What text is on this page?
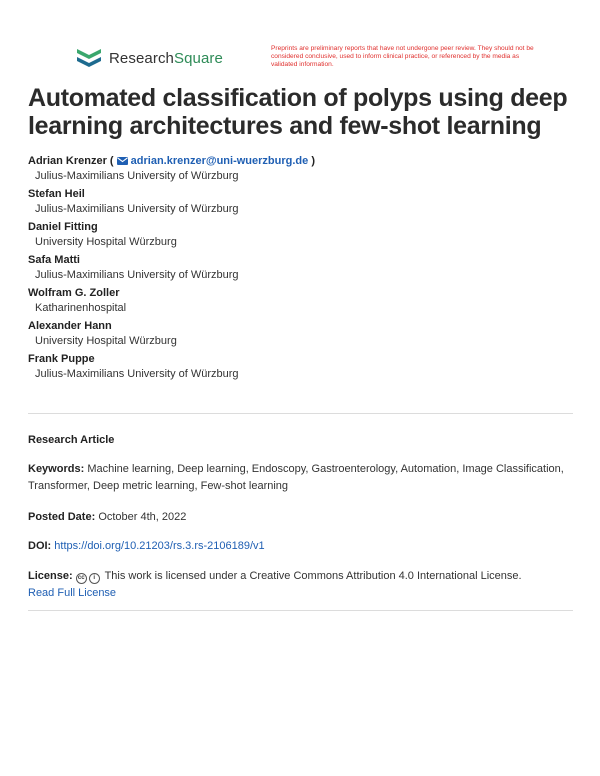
ResearchSquare
Preprints are preliminary reports that have not undergone peer review. They should not be considered conclusive, used to inform clinical practice, or referenced by the media as validated information.
Automated classification of polyps using deep learning architectures and few-shot learning
Adrian Krenzer ( adrian.krenzer@uni-wuerzburg.de )
Julius-Maximilians University of Würzburg
Stefan Heil
Julius-Maximilians University of Würzburg
Daniel Fitting
University Hospital Würzburg
Safa Matti
Julius-Maximilians University of Würzburg
Wolfram G. Zoller
Katharinenhospital
Alexander Hann
University Hospital Würzburg
Frank Puppe
Julius-Maximilians University of Würzburg
Research Article
Keywords: Machine learning, Deep learning, Endoscopy, Gastroenterology, Automation, Image Classification, Transformer, Deep metric learning, Few-shot learning
Posted Date: October 4th, 2022
DOI: https://doi.org/10.21203/rs.3.rs-2106189/v1
License: cc i This work is licensed under a Creative Commons Attribution 4.0 International License.
Read Full License
